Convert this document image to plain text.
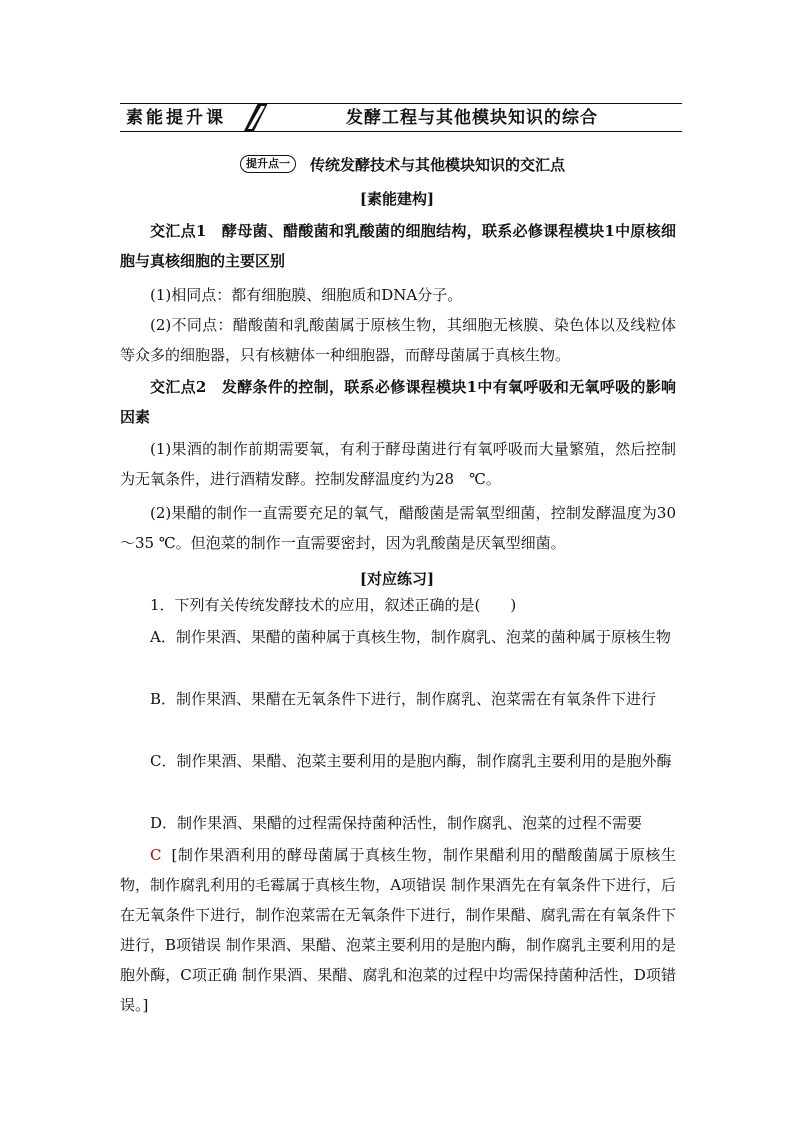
素能提升课	发酵工程与其他模块知识的综合
提升点一	传统发酵技术与其他模块知识的交汇点
[素能建构]
交汇点1　酵母菌、醋酸菌和乳酸菌的细胞结构，联系必修课程模块1中原核细胞与真核细胞的主要区别
(1)相同点：都有细胞膜、细胞质和DNA分子。
(2)不同点：醋酸菌和乳酸菌属于原核生物，其细胞无核膜、染色体以及线粒体等众多的细胞器，只有核糖体一种细胞器，而酵母菌属于真核生物。
交汇点2　发酵条件的控制，联系必修课程模块1中有氧呼吸和无氧呼吸的影响因素
(1)果酒的制作前期需要氧，有利于酵母菌进行有氧呼吸而大量繁殖，然后控制为无氧条件，进行酒精发酵。控制发酵温度约为28　℃。
(2)果醋的制作一直需要充足的氧气，醋酸菌是需氧型细菌，控制发酵温度为30～35 ℃。但泡菜的制作一直需要密封，因为乳酸菌是厌氧型细菌。
[对应练习]
1．下列有关传统发酵技术的应用，叙述正确的是(　　)
A．制作果酒、果醋的菌种属于真核生物，制作腐乳、泡菜的菌种属于原核生物
B．制作果酒、果醋在无氧条件下进行，制作腐乳、泡菜需在有氧条件下进行
C．制作果酒、果醋、泡菜主要利用的是胞内酶，制作腐乳主要利用的是胞外酶
D．制作果酒、果醋的过程需保持菌种活性，制作腐乳、泡菜的过程不需要
C [制作果酒利用的酵母菌属于真核生物，制作果醋利用的醋酸菌属于原核生物，制作腐乳利用的毛霉属于真核生物，A项错误 制作果酒先在有氧条件下进行，后在无氧条件下进行，制作泡菜需在无氧条件下进行，制作果醋、腐乳需在有氧条件下进行，B项错误 制作果酒、果醋、泡菜主要利用的是胞内酶，制作腐乳主要利用的是胞外酶，C项正确 制作果酒、果醋、腐乳和泡菜的过程中均需保持菌种活性，D项错误。]
